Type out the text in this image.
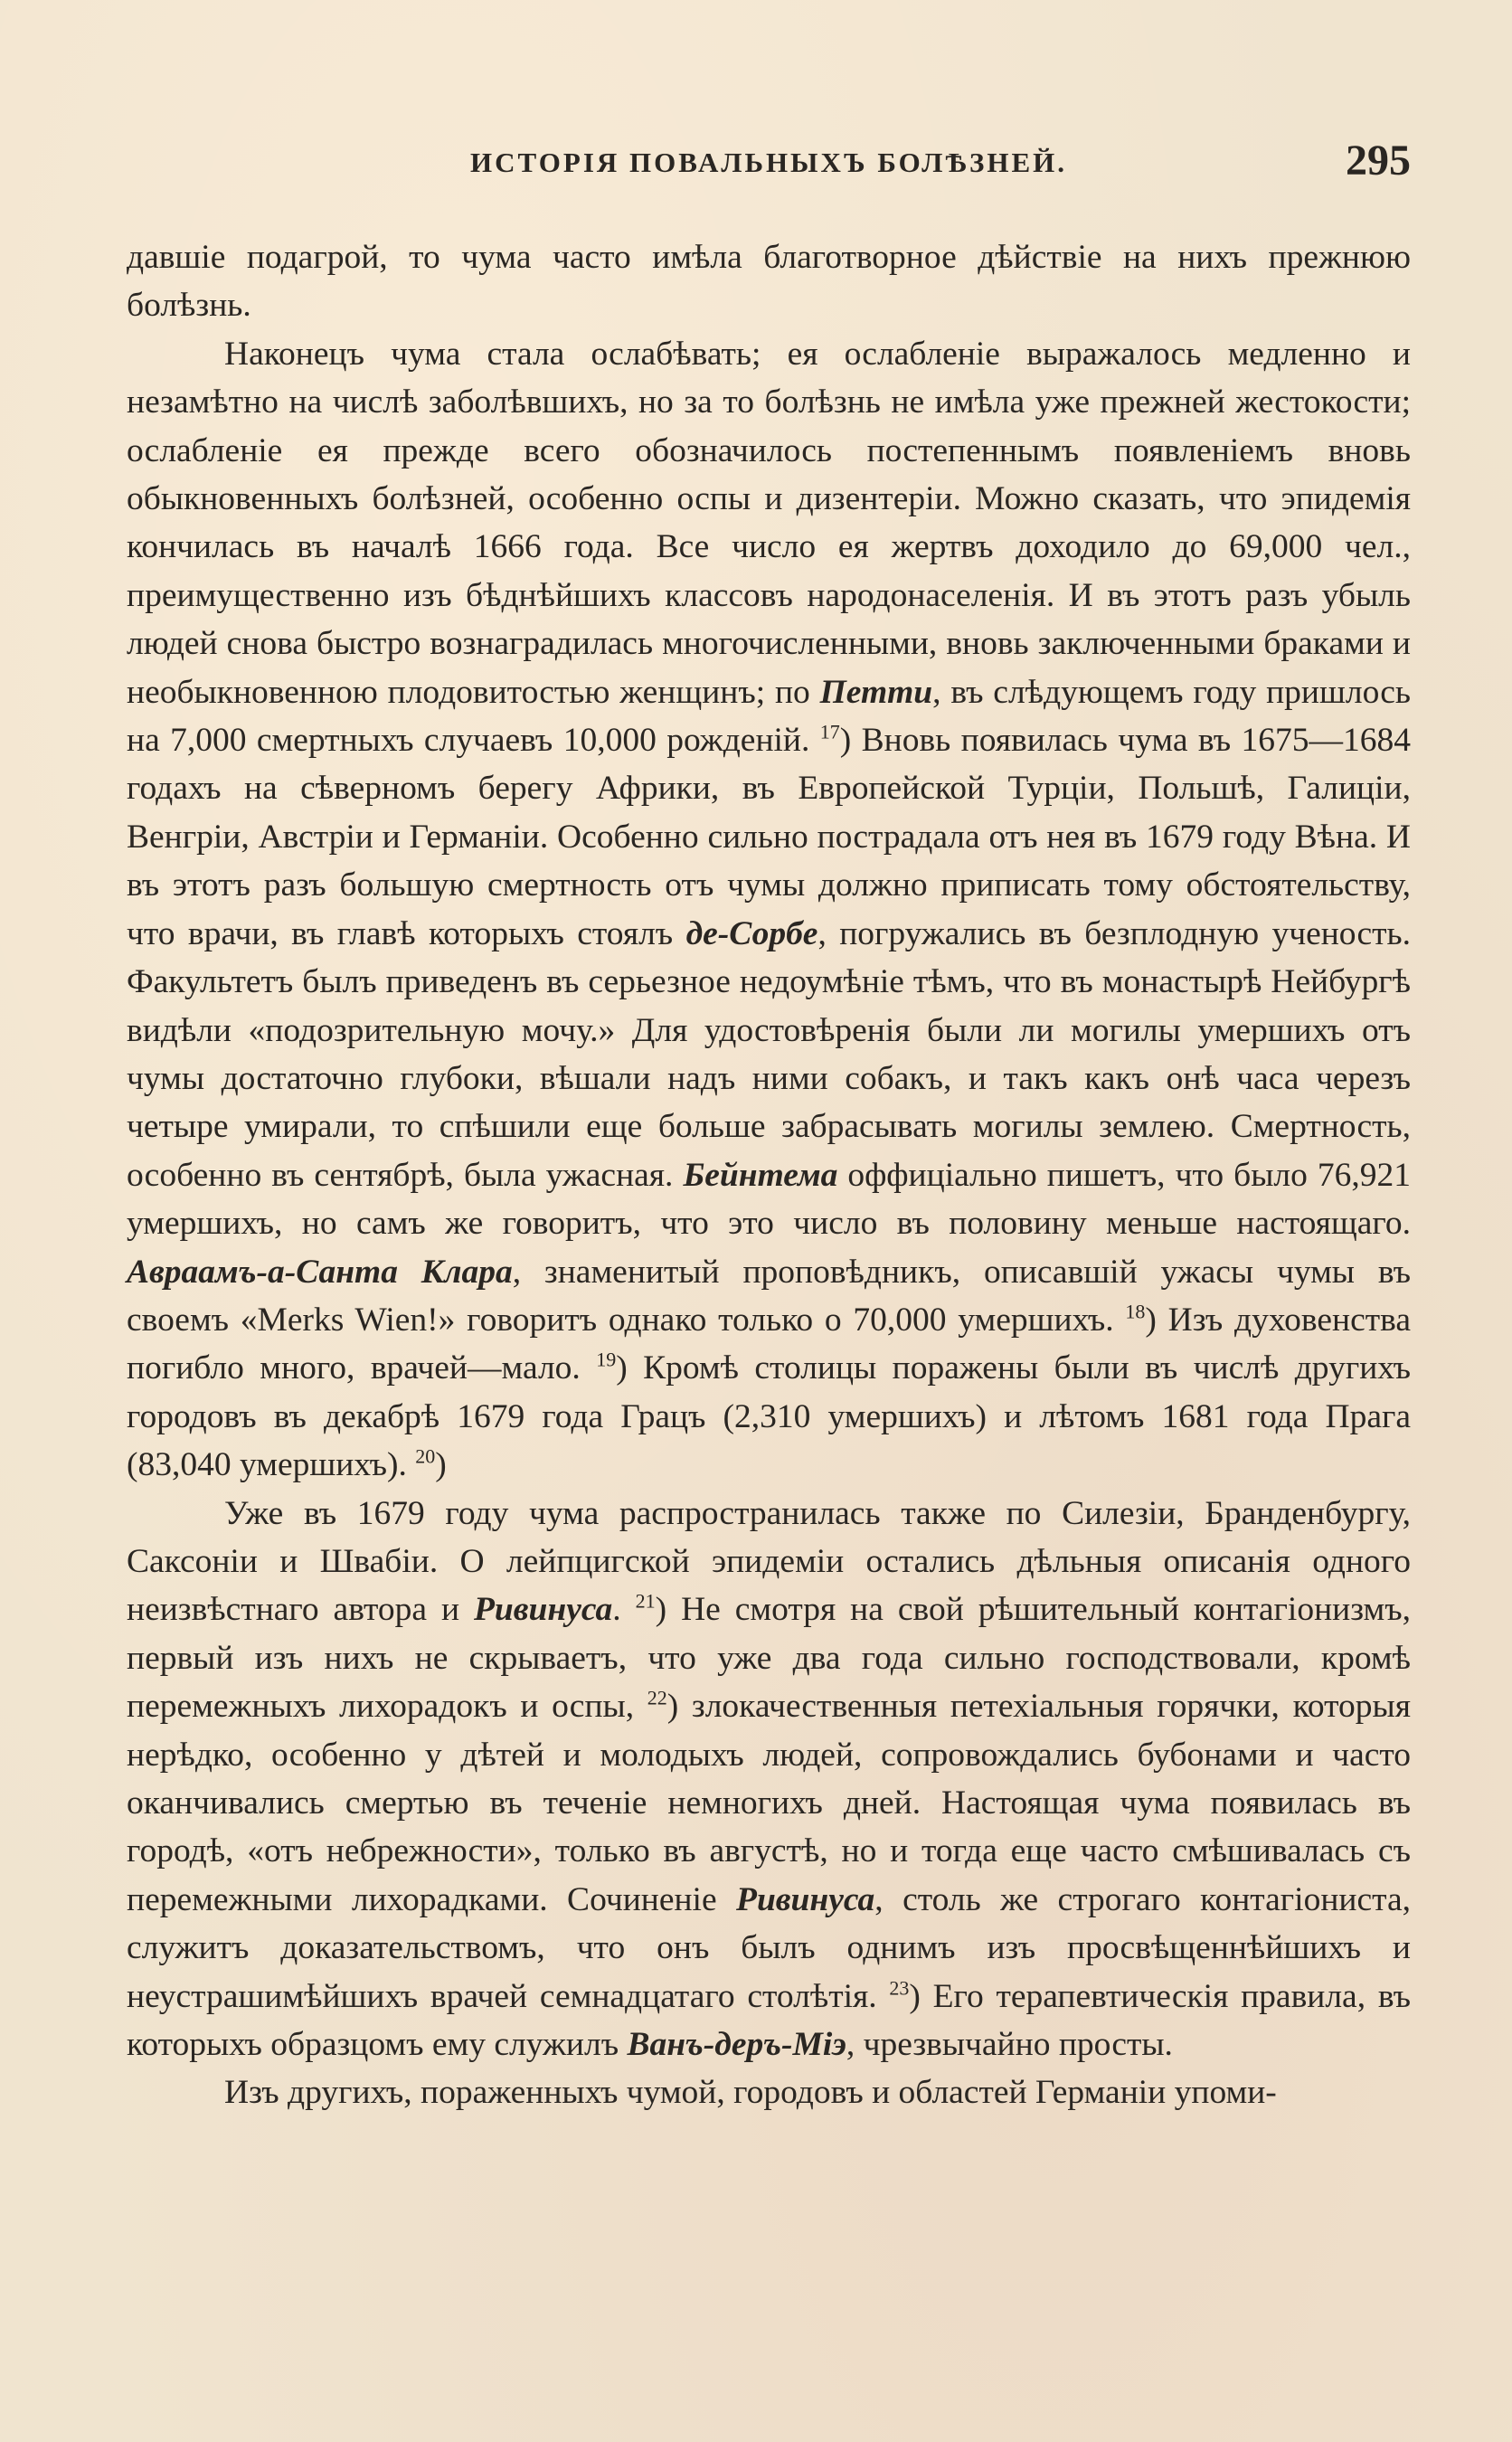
ИСТОРІЯ ПОВАЛЬНЫХЪ БОЛѢЗНЕЙ.	295

давшіе подагрой, то чума часто имѣла благотворное дѣйствіе на нихъ прежнюю болѣзнь.

Наконецъ чума стала ослабѣвать; ея ослабленіе выражалось медленно и незамѣтно на числѣ заболѣвшихъ, но за то болѣзнь не имѣла уже прежней жестокости; ослабленіе ея прежде всего обозначилось постепеннымъ появленіемъ вновь обыкновенныхъ болѣзней, особенно оспы и дизентеріи. Можно сказать, что эпидемія кончилась въ началѣ 1666 года. Все число ея жертвъ доходило до 69,000 чел., преимущественно изъ бѣднѣйшихъ классовъ народонаселенія. И въ этотъ разъ убыль людей снова быстро вознаградилась многочисленными, вновь заключенными браками и необыкновенною плодовитостью женщинъ; по Петти, въ слѣдующемъ году пришлось на 7,000 смертныхъ случаевъ 10,000 рожденій. $^{17}$) Вновь появилась чума въ 1675—1684 годахъ на сѣверномъ берегу Африки, въ Европейской Турціи, Польшѣ, Галиціи, Венгріи, Австріи и Германіи. Особенно сильно пострадала отъ нея въ 1679 году Вѣна. И въ этотъ разъ большую смертность отъ чумы должно приписать тому обстоятельству, что врачи, въ главѣ которыхъ стоялъ де-Сорбе, погружались въ безплодную ученость. Факультетъ былъ приведенъ въ серьезное недоумѣніе тѣмъ, что въ монастырѣ Нейбургѣ видѣли «подозрительную мочу.» Для удостовѣренія были ли могилы умершихъ отъ чумы достаточно глубоки, вѣшали надъ ними собакъ, и такъ какъ онѣ часа черезъ четыре умирали, то спѣшили еще больше забрасывать могилы землею. Смертность, особенно въ сентябрѣ, была ужасная. Бейнтема оффиціально пишетъ, что было 76,921 умершихъ, но самъ же говоритъ, что это число въ половину меньше настоящаго. Авраамъ-а-Санта Клара, знаменитый проповѣдникъ, описавшій ужасы чумы въ своемъ «Merks Wien!» говоритъ однако только о 70,000 умершихъ. $^{18}$) Изъ духовенства погибло много, врачей—мало. $^{19}$) Кромѣ столицы поражены были въ числѣ другихъ городовъ въ декабрѣ 1679 года Грацъ (2,310 умершихъ) и лѣтомъ 1681 года Прага (83,040 умершихъ). $^{20}$)

Уже въ 1679 году чума распространилась также по Силезіи, Бранденбургу, Саксоніи и Швабіи. О лейпцигской эпидеміи остались дѣльныя описанія одного неизвѣстнаго автора и Ривинуса. $^{21}$) Не смотря на свой рѣшительный контагіонизмъ, первый изъ нихъ не скрываетъ, что уже два года сильно господствовали, кромѣ перемежныхъ лихорадокъ и оспы, $^{22}$) злокачественныя петехіальныя горячки, которыя нерѣдко, особенно у дѣтей и молодыхъ людей, сопровождались бубонами и часто оканчивались смертью въ теченіе немногихъ дней. Настоящая чума появилась въ городѣ, «отъ небрежности», только въ августѣ, но и тогда еще часто смѣшивалась съ перемежными лихорадками. Сочиненіе Ривинуса, столь же строгаго контагіониста, служитъ доказательствомъ, что онъ былъ однимъ изъ просвѣщеннѣйшихъ и неустрашимѣйшихъ врачей семнадцатаго столѣтія. $^{23}$) Его терапевтическія правила, въ которыхъ образцомъ ему служилъ Ванъ-деръ-Міэ, чрезвычайно просты.

Изъ другихъ, пораженныхъ чумой, городовъ и областей Германіи упоми-
